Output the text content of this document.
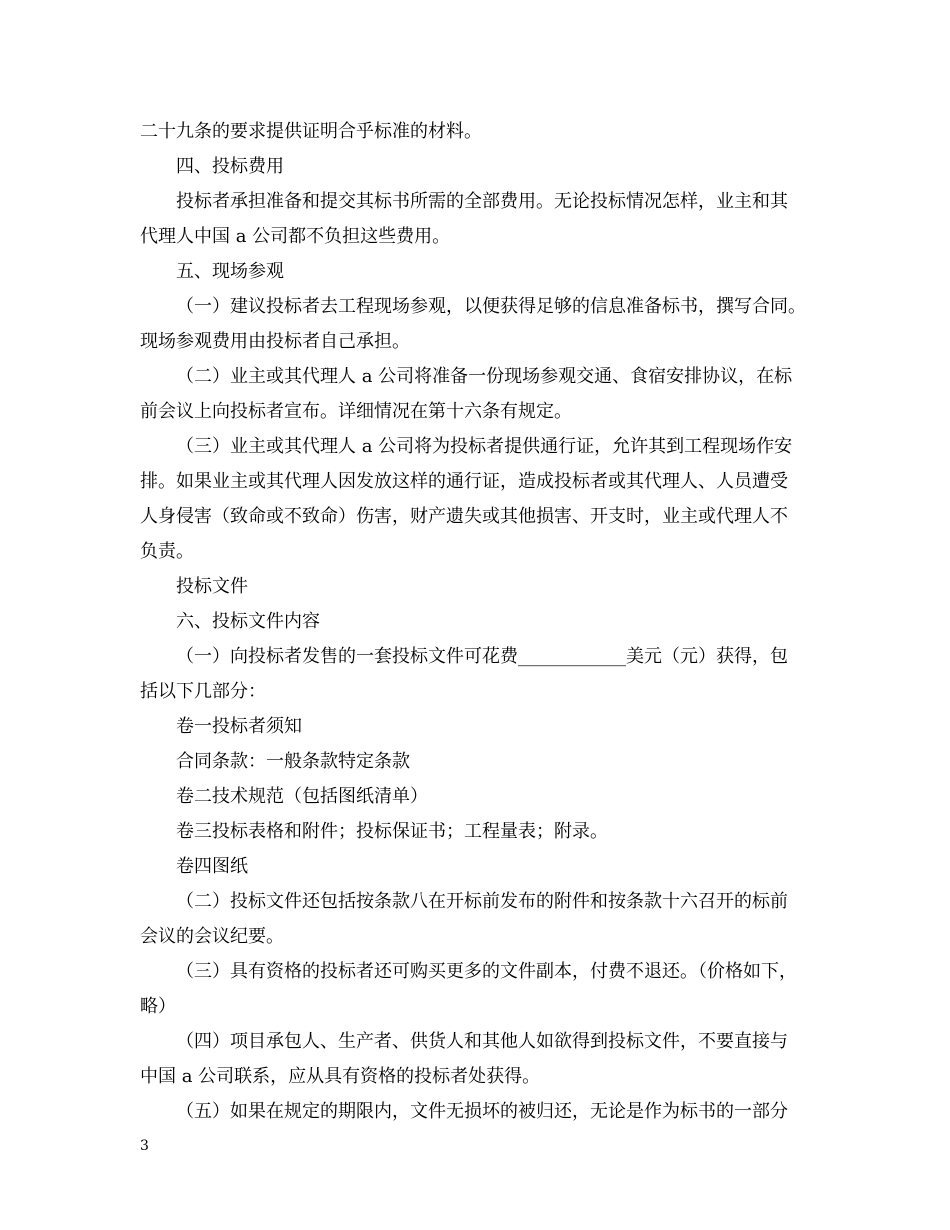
二十九条的要求提供证明合乎标准的材料。
四、投标费用
投标者承担准备和提交其标书所需的全部费用。无论投标情况怎样，业主和其
代理人中国 a 公司都不负担这些费用。
五、现场参观
（一）建议投标者去工程现场参观，以便获得足够的信息准备标书，撰写合同。
现场参观费用由投标者自己承担。
（二）业主或其代理人 a 公司将准备一份现场参观交通、食宿安排协议，在标
前会议上向投标者宣布。详细情况在第十六条有规定。
（三）业主或其代理人 a 公司将为投标者提供通行证，允许其到工程现场作安
排。如果业主或其代理人因发放这样的通行证，造成投标者或其代理人、人员遭受
人身侵害（致命或不致命）伤害，财产遗失或其他损害、开支时，业主或代理人不
负责。
投标文件
六、投标文件内容
（一）向投标者发售的一套投标文件可花费____________美元（元）获得，包
括以下几部分：
卷一投标者须知
合同条款：一般条款特定条款
卷二技术规范（包括图纸清单）
卷三投标表格和附件；投标保证书；工程量表；附录。
卷四图纸
（二）投标文件还包括按条款八在开标前发布的附件和按条款十六召开的标前
会议的会议纪要。
（三）具有资格的投标者还可购买更多的文件副本，付费不退还。（价格如下，
略）
（四）项目承包人、生产者、供货人和其他人如欲得到投标文件，不要直接与
中国 a 公司联系，应从具有资格的投标者处获得。
（五）如果在规定的期限内，文件无损坏的被归还，无论是作为标书的一部分
3
